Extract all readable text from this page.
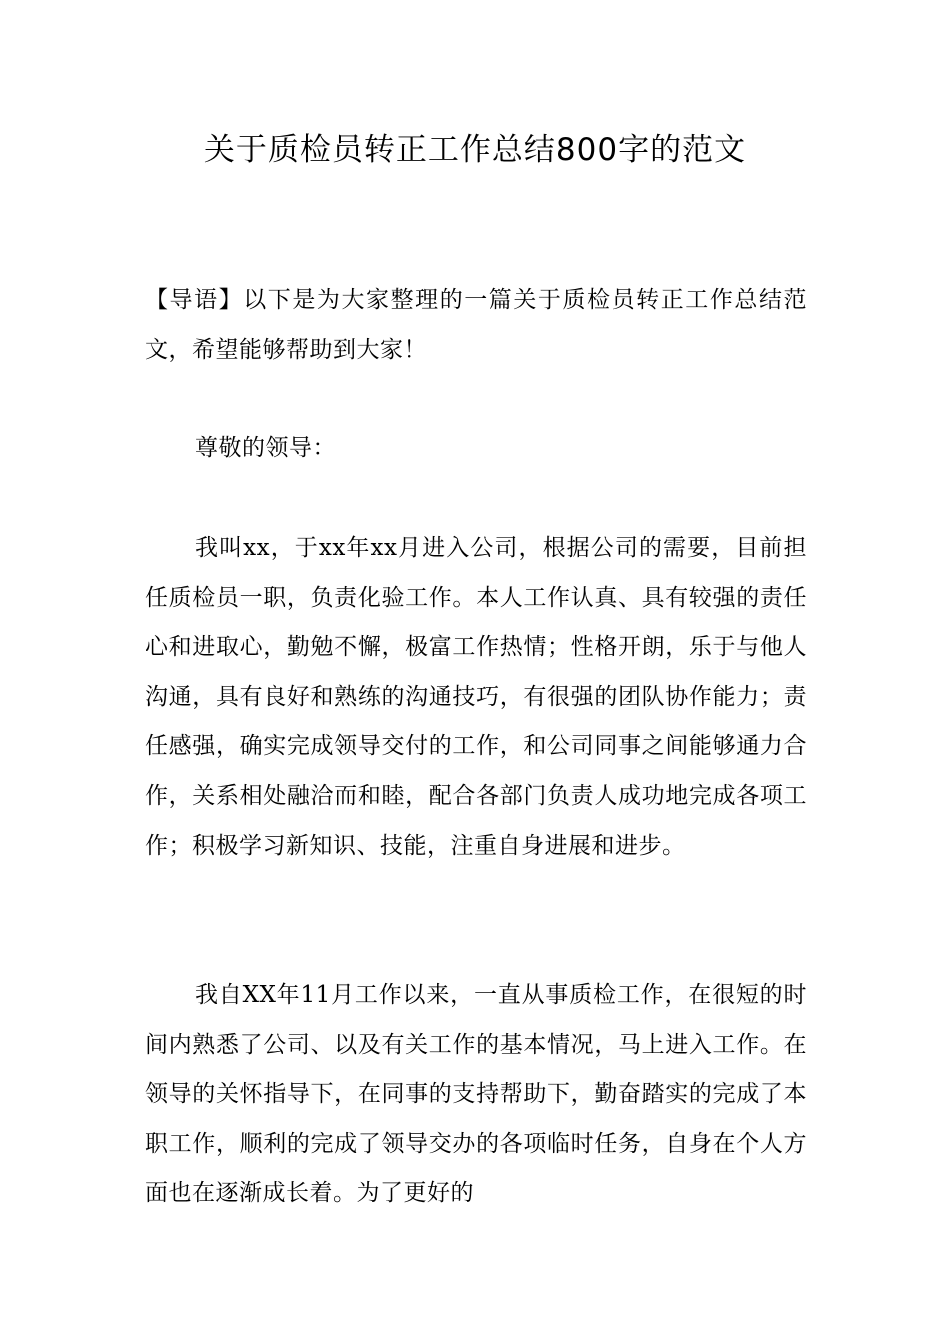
关于质检员转正工作总结800字的范文

【导语】以下是为大家整理的一篇关于质检员转正工作总结范文，希望能够帮助到大家！

尊敬的领导：

我叫xx，于xx年xx月进入公司，根据公司的需要，目前担任质检员一职，负责化验工作。本人工作认真、具有较强的责任心和进取心，勤勉不懈，极富工作热情；性格开朗，乐于与他人沟通，具有良好和熟练的沟通技巧，有很强的团队协作能力；责任感强，确实完成领导交付的工作，和公司同事之间能够通力合作，关系相处融洽而和睦，配合各部门负责人成功地完成各项工作；积极学习新知识、技能，注重自身进展和进步。

我自XX年11月工作以来，一直从事质检工作，在很短的时间内熟悉了公司、以及有关工作的基本情况，马上进入工作。在领导的关怀指导下，在同事的支持帮助下，勤奋踏实的完成了本职工作，顺利的完成了领导交办的各项临时任务，自身在个人方面也在逐渐成长着。为了更好的
